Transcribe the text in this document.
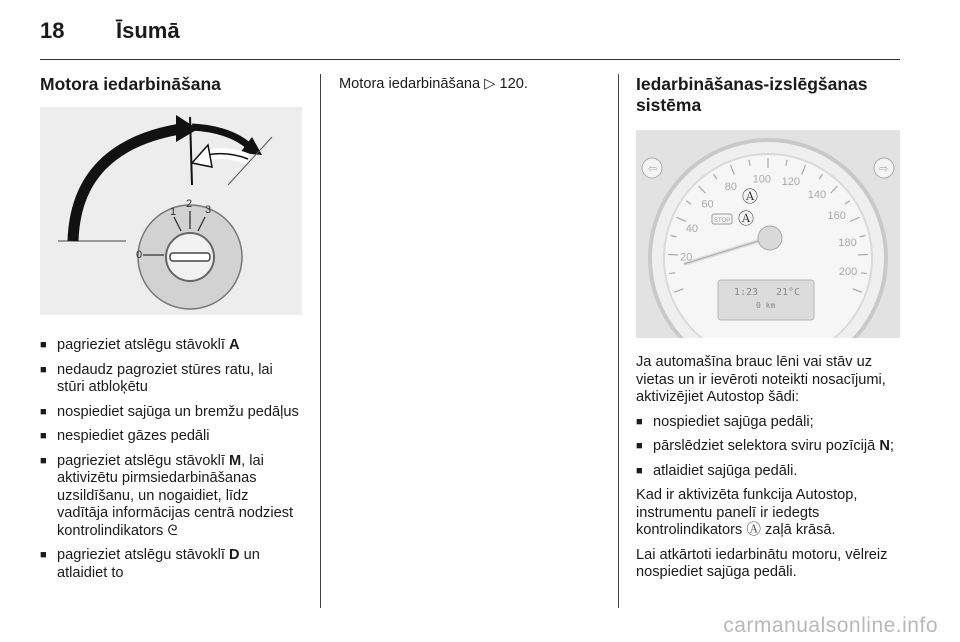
18 Īsumā
Motora iedarbināšana
1
2 3
0
■ pagrieziet atslēgu stāvoklī A
■ nedaudz pagroziet stūres ratu, lai stūri atbloķētu
■ nospiediet sajūga un bremžu pedāļus
■ nespiediet gāzes pedāli
■ pagrieziet atslēgu stāvoklī M, lai aktivizētu pirmsiedarbināšanas uzsildīšanu, un nogaidiet, līdz vadītāja informācijas centrā nodziest kontrolindikators ᘓ
■ pagrieziet atslēgu stāvoklī D un atlaidiet to

Motora iedarbināšana ▷ 120.	Iedarbināšanas-izslēgšanas sistēma
⇦	⇨
20
40
60
80
100 120
140
160
180
200
Ⓐ
Ⓐ
STOP
1:23 21°C
0 km

Ja automašīna brauc lēni vai stāv uz vietas un ir ievēroti noteikti nosacījumi, aktivizējiet Autostop šādi:

■ nospiediet sajūga pedāli;
■ pārslēdziet selektora sviru pozīcijā N;
■ atlaidiet sajūga pedāli.

Kad ir aktivizēta funkcija Autostop, instrumentu panelī ir iedegts kontrolindikators Ⓐ zaļā krāsā.

Lai atkārtoti iedarbinātu motoru, vēlreiz nospiediet sajūga pedāli.

carmanualsonline.info
